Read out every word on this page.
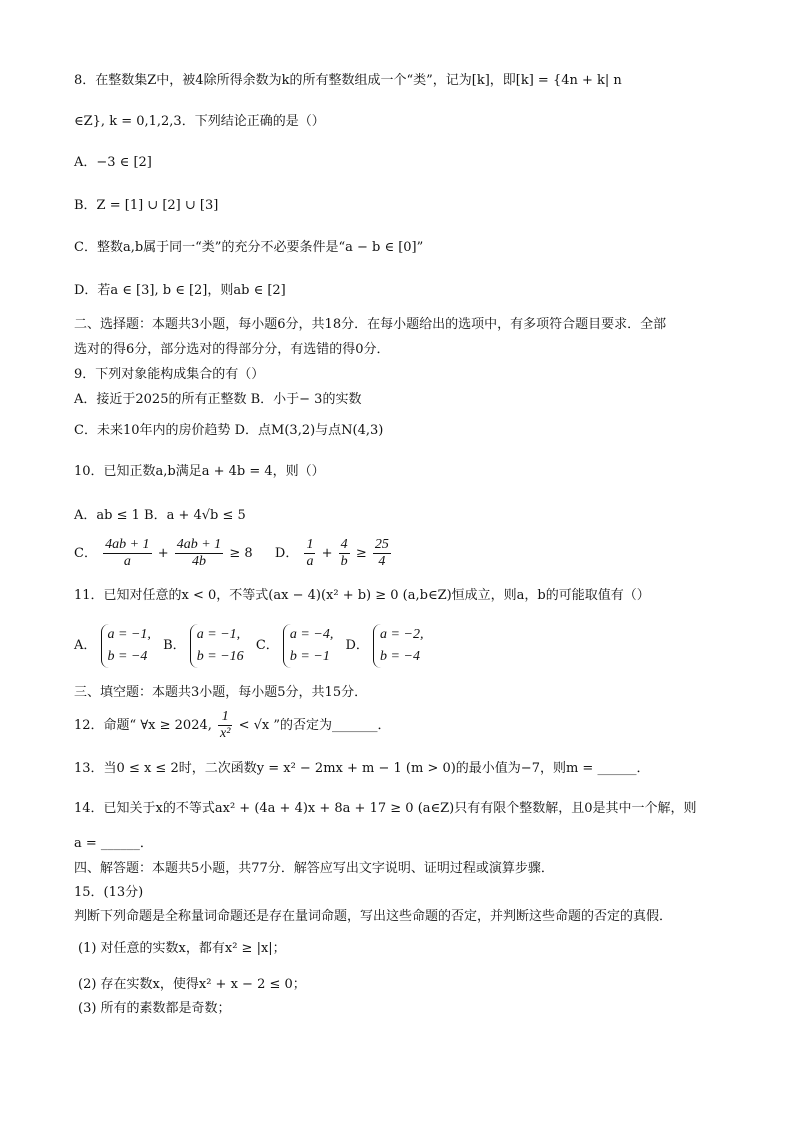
8．在整数集Z中，被4除所得余数为k的所有整数组成一个“类”，记为[k]，即[k] = {4n + k| n
∈Z}, k = 0,1,2,3．下列结论正确的是（）
A．−3 ∈ [2]
B．Z = [1] ∪ [2] ∪ [3]
C．整数a,b属于同一“类”的充分不必要条件是“a − b ∈ [0]”
D．若a ∈ [3], b ∈ [2]，则ab ∈ [2]
二、选择题：本题共3小题，每小题6分，共18分．在每小题给出的选项中，有多项符合题目要求．全部
选对的得6分，部分选对的得部分分，有选错的得0分．
9．下列对象能构成集合的有（）
A．接近于2025的所有正整数 B．小于− 3的实数
C．未来10年内的房价趋势 D．点M(3,2)与点N(4,3)
10．已知正数a,b满足a + 4b = 4，则（）
A．ab ≤ 1 B．a + 4√b ≤ 5
C． $\frac{4ab + 1}{a} + \frac{4ab + 1}{4b} \ge 8$ D． $\frac{1}{a} + \frac{4}{b} \ge \frac{25}{4}$
11．已知对任意的x < 0，不等式(ax − 4)(x² + b) ≥ 0 (a,b∈Z)恒成立，则a，b的可能取值有（）
A．
a = −1,
b = −4
B．
a = −1,
b = −16
C．
a = −4,
b = −1
D．
a = −2,
b = −4
三、填空题：本题共3小题，每小题5分，共15分．
12．命题“ ∀x ≥ 2024, $\frac{1}{\text{x²}} < √x$ ”的否定为_______．
13．当0 ≤ x ≤ 2时，二次函数y = x² − 2mx + m − 1 (m > 0)的最小值为−7，则m = ______．
14．已知关于x的不等式ax² + (4a + 4)x + 8a + 17 ≥ 0 (a∈Z)只有有限个整数解，且0是其中一个解，则
a = ______．
四、解答题：本题共5小题，共77分．解答应写出文字说明、证明过程或演算步骤．
15．(13分)
判断下列命题是全称量词命题还是存在量词命题，写出这些命题的否定，并判断这些命题的否定的真假．
(1) 对任意的实数x，都有x² ≥ |x|；
(2) 存在实数x，使得x² + x − 2 ≤ 0；
(3) 所有的素数都是奇数；
